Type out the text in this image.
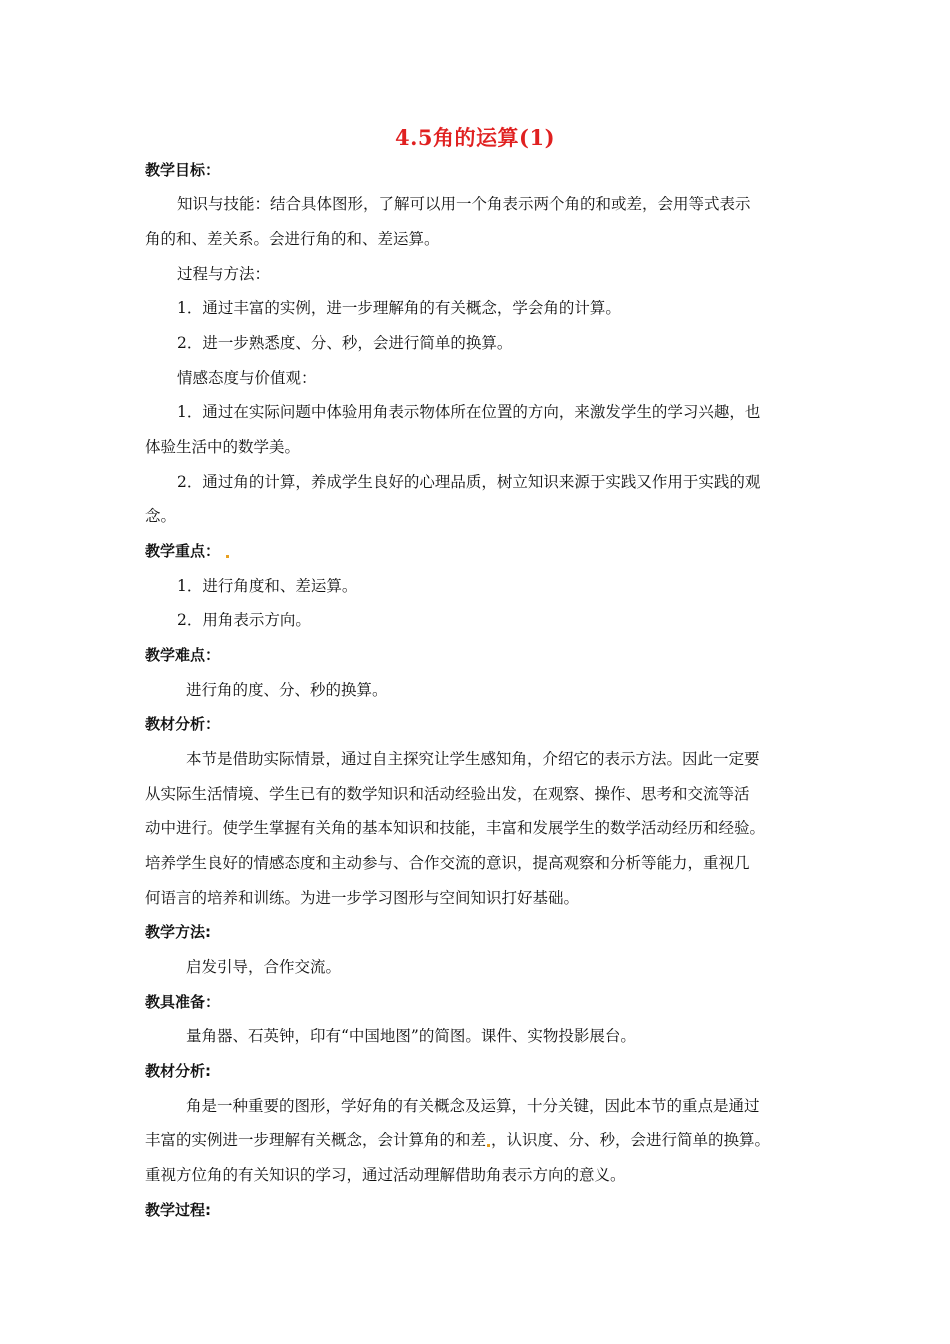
4.5角的运算(1)
教学目标：
知识与技能：结合具体图形，了解可以用一个角表示两个角的和或差，会用等式表示
角的和、差关系。会进行角的和、差运算。
过程与方法：
1．通过丰富的实例，进一步理解角的有关概念，学会角的计算。
2．进一步熟悉度、分、秒，会进行简单的换算。
情感态度与价值观：
1．通过在实际问题中体验用角表示物体所在位置的方向，来激发学生的学习兴趣，也
体验生活中的数学美。
2．通过角的计算，养成学生良好的心理品质，树立知识来源于实践又作用于实践的观
念。
教学重点：
1．进行角度和、差运算。
2．用角表示方向。
教学难点：
进行角的度、分、秒的换算。
教材分析：
本节是借助实际情景，通过自主探究让学生感知角，介绍它的表示方法。因此一定要
从实际生活情境、学生已有的数学知识和活动经验出发，在观察、操作、思考和交流等活
动中进行。使学生掌握有关角的基本知识和技能，丰富和发展学生的数学活动经历和经验。
培养学生良好的情感态度和主动参与、合作交流的意识，提高观察和分析等能力，重视几
何语言的培养和训练。为进一步学习图形与空间知识打好基础。
教学方法:
启发引导，合作交流。
教具准备：
量角器、石英钟，印有“中国地图”的简图。课件、实物投影展台。
教材分析:
角是一种重要的图形，学好角的有关概念及运算，十分关键，因此本节的重点是通过
丰富的实例进一步理解有关概念，会计算角的和差 ，认识度、分、秒，会进行简单的换算。
重视方位角的有关知识的学习，通过活动理解借助角表示方向的意义。
教学过程:
